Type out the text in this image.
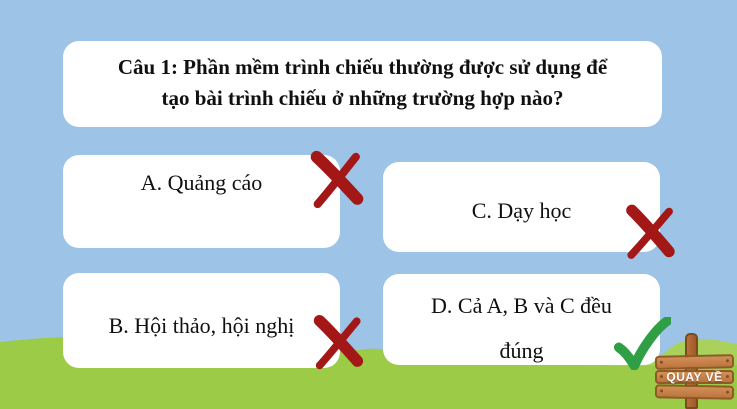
Câu 1: Phần mềm trình chiếu thường được sử dụng để
tạo bài trình chiếu ở những trường hợp nào?
A. Quảng cáo
C. Dạy học
B. Hội thảo, hội nghị
D. Cả A, B và C đều
đúng
QUAY VỀ
